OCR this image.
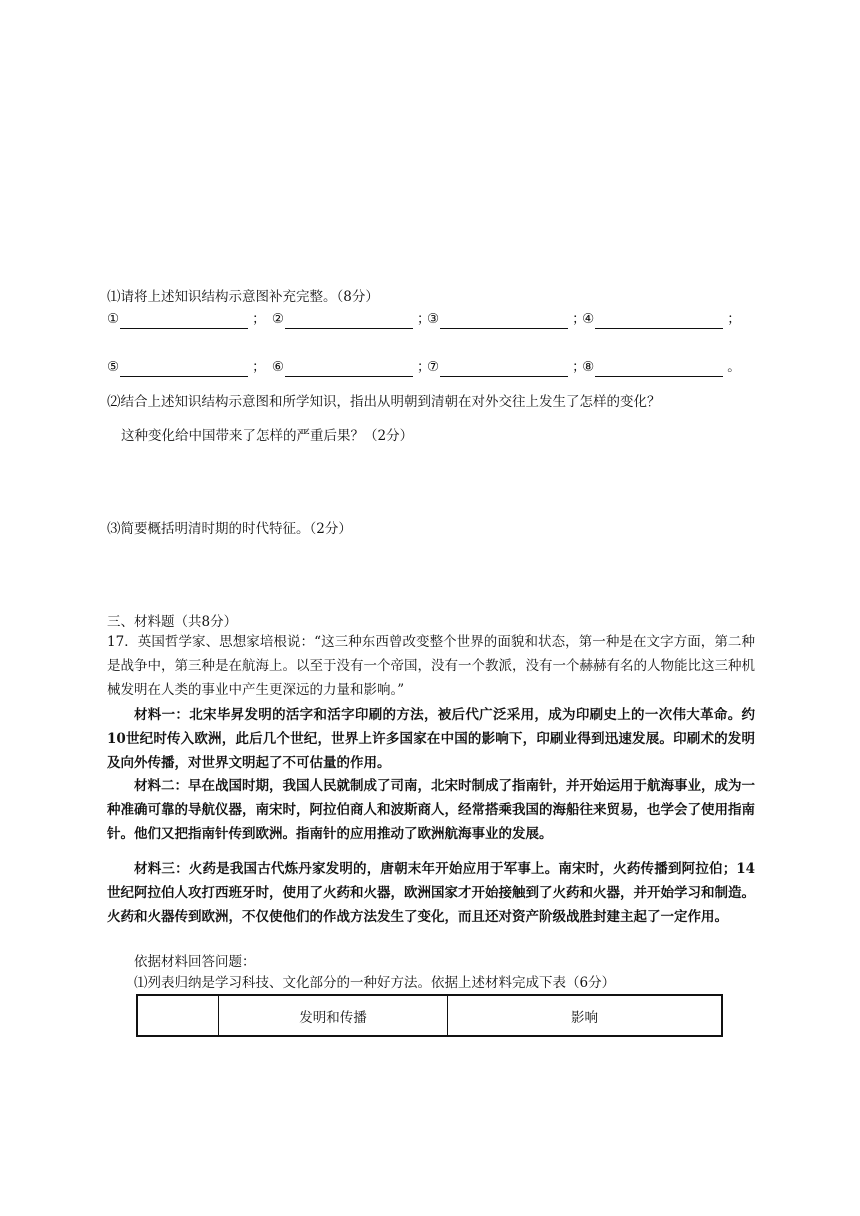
⑴请将上述知识结构示意图补充完整。（8分）
①	； ②	；
③	；
④	；
⑤	； ⑥	；
⑦	；
⑧	。
⑵结合上述知识结构示意图和所学知识，指出从明朝到清朝在对外交往上发生了怎样的变化？
这种变化给中国带来了怎样的严重后果？（2分）
⑶简要概括明清时期的时代特征。（2分）
三、材料题（共8分）
17．英国哲学家、思想家培根说：“这三种东西曾改变整个世界的面貌和状态，第一种是在文字方面，第二种是战争中，第三种是在航海上。以至于没有一个帝国，没有一个教派，没有一个赫赫有名的人物能比这三种机械发明在人类的事业中产生更深远的力量和影响。”
材料一：北宋毕昇发明的活字和活字印刷的方法，被后代广泛采用，成为印刷史上的一次伟大革命。约10世纪时传入欧洲，此后几个世纪，世界上许多国家在中国的影响下，印刷业得到迅速发展。印刷术的发明及向外传播，对世界文明起了不可估量的作用。
材料二：早在战国时期，我国人民就制成了司南，北宋时制成了指南针，并开始运用于航海事业，成为一种准确可靠的导航仪器，南宋时，阿拉伯商人和波斯商人，经常搭乘我国的海船往来贸易，也学会了使用指南针。他们又把指南针传到欧洲。指南针的应用推动了欧洲航海事业的发展。
材料三：火药是我国古代炼丹家发明的，唐朝末年开始应用于军事上。南宋时，火药传播到阿拉伯；14世纪阿拉伯人攻打西班牙时，使用了火药和火器，欧洲国家才开始接触到了火药和火器，并开始学习和制造。火药和火器传到欧洲，不仅使他们的作战方法发生了变化，而且还对资产阶级战胜封建主起了一定作用。
依据材料回答问题：
⑴列表归纳是学习科技、文化部分的一种好方法。依据上述材料完成下表（6分）
	发明和传播	影响
